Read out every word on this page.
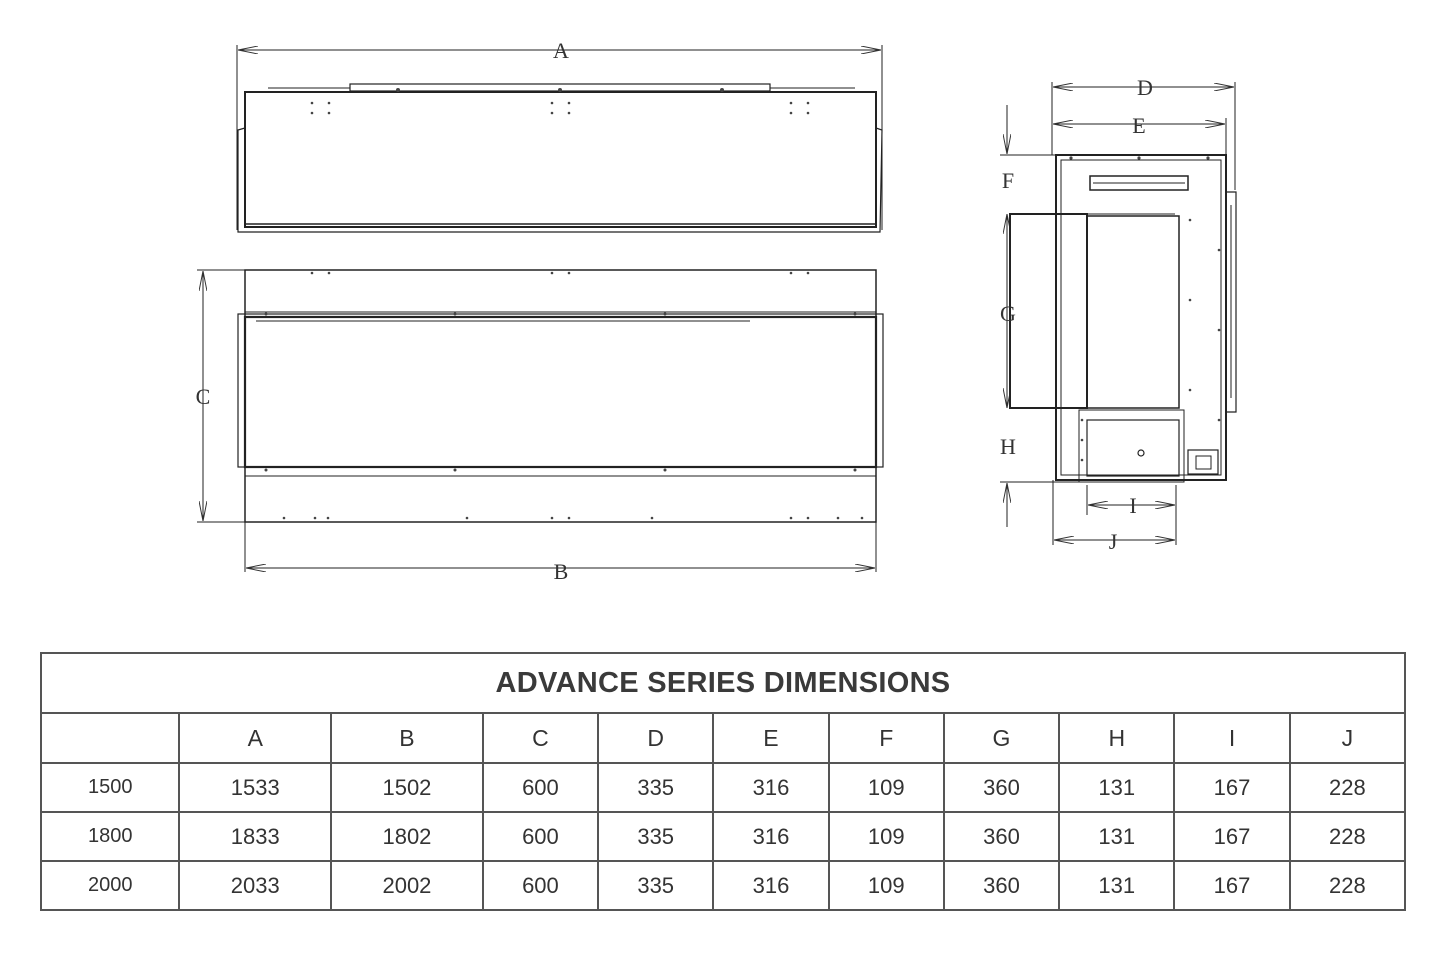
A
C
B
D
E
F
G
H
I
J
ADVANCE SERIES DIMENSIONS										
	A	B	C	D	E	F	G	H	I	J
1500	1533	1502	600	335	316	109	360	131	167	228
1800	1833	1802	600	335	316	109	360	131	167	228
2000	2033	2002	600	335	316	109	360	131	167	228
